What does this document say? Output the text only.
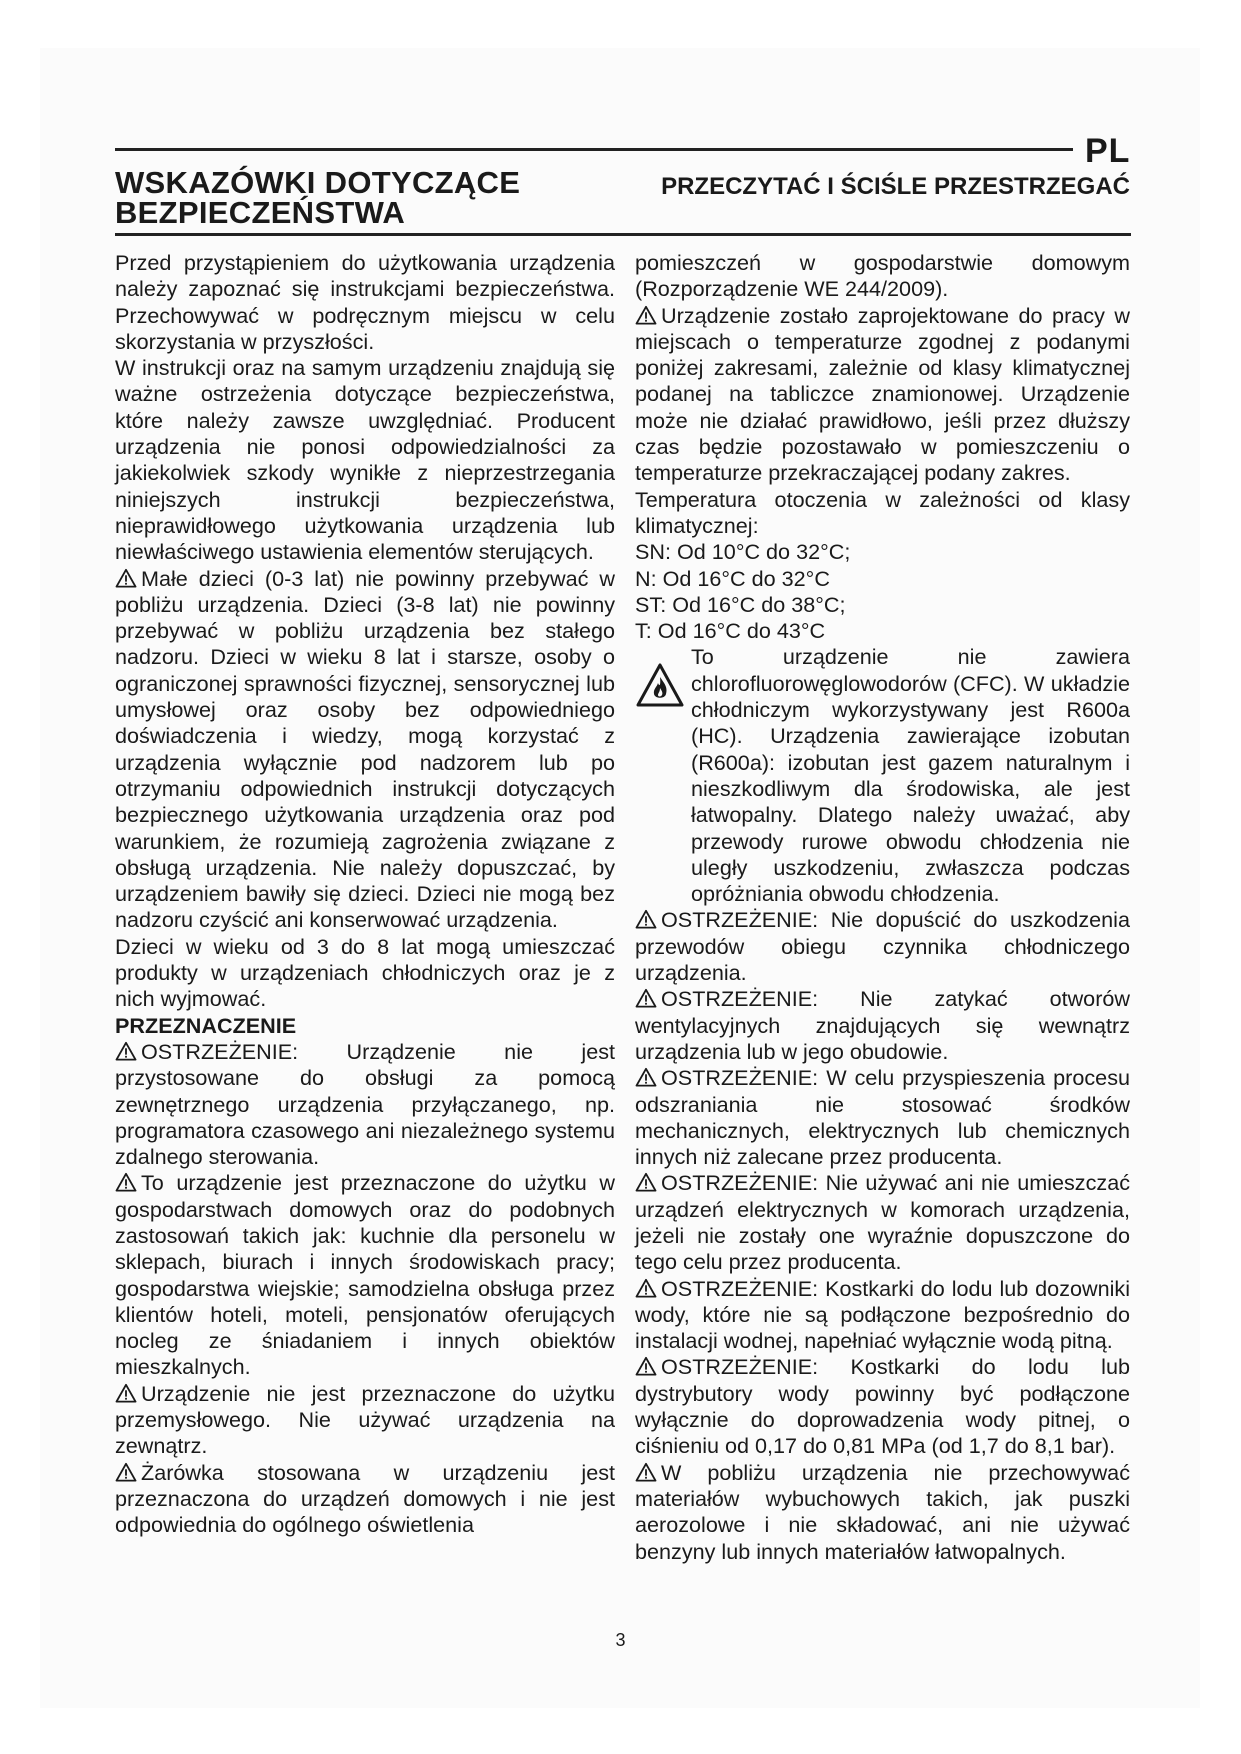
PL
WSKAZÓWKI DOTYCZĄCE BEZPIECZEŃSTWA
PRZECZYTAĆ I ŚCIŚLE PRZESTRZEGAĆ

Przed przystąpieniem do użytkowania urządzenia należy zapoznać się instrukcjami bezpieczeństwa. Przechowywać w podręcznym miejscu w celu skorzystania w przyszłości.

W instrukcji oraz na samym urządzeniu znajdują się ważne ostrzeżenia dotyczące bezpieczeństwa, które należy zawsze uwzględniać. Producent urządzenia nie ponosi odpowiedzialności za jakiekolwiek szkody wynikłe z nieprzestrzegania niniejszych instrukcji bezpieczeństwa, nieprawidłowego użytkowania urządzenia lub niewłaściwego ustawienia elementów sterujących.

Małe dzieci (0-3 lat) nie powinny przebywać w pobliżu urządzenia. Dzieci (3-8 lat) nie powinny przebywać w pobliżu urządzenia bez stałego nadzoru. Dzieci w wieku 8 lat i starsze, osoby o ograniczonej sprawności fizycznej, sensorycznej lub umysłowej oraz osoby bez odpowiedniego doświadczenia i wiedzy, mogą korzystać z urządzenia wyłącznie pod nadzorem lub po otrzymaniu odpowiednich instrukcji dotyczących bezpiecznego użytkowania urządzenia oraz pod warunkiem, że rozumieją zagrożenia związane z obsługą urządzenia. Nie należy dopuszczać, by urządzeniem bawiły się dzieci. Dzieci nie mogą bez nadzoru czyścić ani konserwować urządzenia.

Dzieci w wieku od 3 do 8 lat mogą umieszczać produkty w urządzeniach chłodniczych oraz je z nich wyjmować.

PRZEZNACZENIE

OSTRZEŻENIE: Urządzenie nie jest przystosowane do obsługi za pomocą zewnętrznego urządzenia przyłączanego, np. programatora czasowego ani niezależnego systemu zdalnego sterowania.

To urządzenie jest przeznaczone do użytku w gospodarstwach domowych oraz do podobnych zastosowań takich jak: kuchnie dla personelu w sklepach, biurach i innych środowiskach pracy; gospodarstwa wiejskie; samodzielna obsługa przez klientów hoteli, moteli, pensjonatów oferujących nocleg ze śniadaniem i innych obiektów mieszkalnych.

Urządzenie nie jest przeznaczone do użytku przemysłowego. Nie używać urządzenia na zewnątrz.

Żarówka stosowana w urządzeniu jest przeznaczona do urządzeń domowych i nie jest odpowiednia do ogólnego oświetlenia

pomieszczeń w gospodarstwie domowym (Rozporządzenie WE 244/2009).

Urządzenie zostało zaprojektowane do pracy w miejscach o temperaturze zgodnej z podanymi poniżej zakresami, zależnie od klasy klimatycznej podanej na tabliczce znamionowej. Urządzenie może nie działać prawidłowo, jeśli przez dłuższy czas będzie pozostawało w pomieszczeniu o temperaturze przekraczającej podany zakres.

Temperatura otoczenia w zależności od klasy klimatycznej:

SN: Od 10°C do 32°C;

N: Od 16°C do 32°C

ST: Od 16°C do 38°C;

T: Od 16°C do 43°C

To urządzenie nie zawiera chlorofluorowęglowodorów (CFC). W układzie chłodniczym wykorzystywany jest R600a (HC). Urządzenia zawierające izobutan (R600a): izobutan jest gazem naturalnym i nieszkodliwym dla środowiska, ale jest łatwopalny. Dlatego należy uważać, aby przewody rurowe obwodu chłodzenia nie uległy uszkodzeniu, zwłaszcza podczas opróżniania obwodu chłodzenia.

OSTRZEŻENIE: Nie dopuścić do uszkodzenia przewodów obiegu czynnika chłodniczego urządzenia.

OSTRZEŻENIE: Nie zatykać otworów wentylacyjnych znajdujących się wewnątrz urządzenia lub w jego obudowie.

OSTRZEŻENIE: W celu przyspieszenia procesu odszraniania nie stosować środków mechanicznych, elektrycznych lub chemicznych innych niż zalecane przez producenta.

OSTRZEŻENIE: Nie używać ani nie umieszczać urządzeń elektrycznych w komorach urządzenia, jeżeli nie zostały one wyraźnie dopuszczone do tego celu przez producenta.

OSTRZEŻENIE: Kostkarki do lodu lub dozowniki wody, które nie są podłączone bezpośrednio do instalacji wodnej, napełniać wyłącznie wodą pitną.

OSTRZEŻENIE: Kostkarki do lodu lub dystrybutory wody powinny być podłączone wyłącznie do doprowadzenia wody pitnej, o ciśnieniu od 0,17 do 0,81 MPa (od 1,7 do 8,1 bar).

W pobliżu urządzenia nie przechowywać materiałów wybuchowych takich, jak puszki aerozolowe i nie składować, ani nie używać benzyny lub innych materiałów łatwopalnych.

3
